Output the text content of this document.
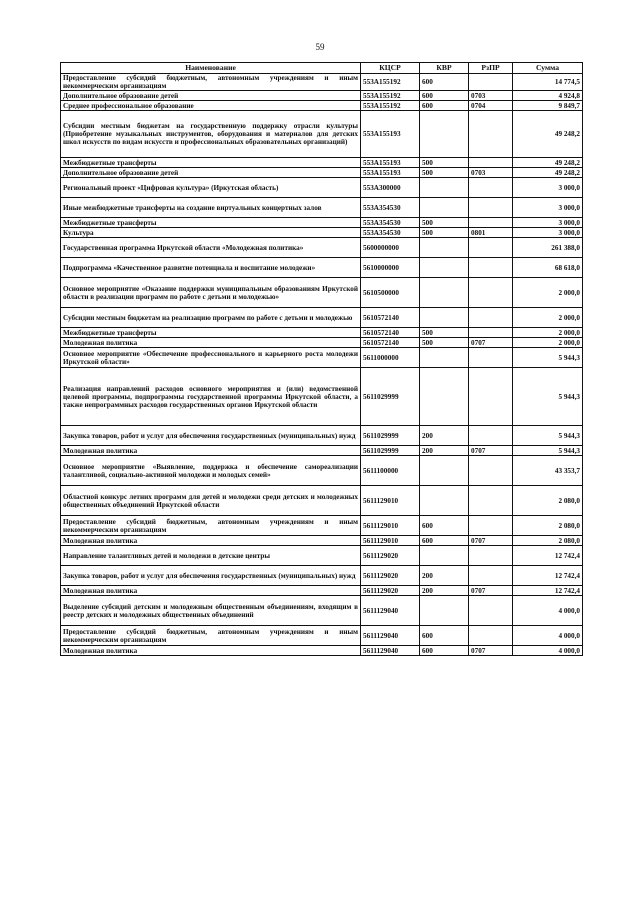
59
Наименование	КЦСР	КВР	РзПР	Сумма
Предоставление субсидий бюджетным, автономным учреждениям и иным некоммерческим организациям	553A155192	600		14 774,5
Дополнительное образование детей	553A155192	600	0703	4 924,8
Среднее профессиональное образование	553A155192	600	0704	9 849,7
Субсидии местным бюджетам на государственную поддержку отрасли культуры (Приобретение музыкальных инструментов, оборудования и материалов для детских школ искусств по видам искусств и профессиональных образовательных организаций)	553A155193			49 248,2
Межбюджетные трансферты	553A155193	500		49 248,2
Дополнительное образование детей	553A155193	500	0703	49 248,2
Региональный проект «Цифровая культура» (Иркутская область)	553A300000			3 000,0
Иные межбюджетные трансферты на создание виртуальных концертных залов	553A354530			3 000,0
Межбюджетные трансферты	553A354530	500		3 000,0
Культура	553A354530	500	0801	3 000,0
Государственная программа Иркутской области «Молодежная политика»	5600000000			261 388,0
Подпрограмма «Качественное развитие потенциала и воспитание молодежи»	5610000000			68 618,0
Основное мероприятие «Оказание поддержки муниципальным образованиям Иркутской области в реализации программ по работе с детьми и молодежью»	5610500000			2 000,0
Субсидии местным бюджетам на реализацию программ по работе с детьми и молодежью	5610572140			2 000,0
Межбюджетные трансферты	5610572140	500		2 000,0
Молодежная политика	5610572140	500	0707	2 000,0
Основное мероприятие «Обеспечение профессионального и карьерного роста молодежи Иркутской области»	5611000000			5 944,3
Реализация направлений расходов основного мероприятия и (или) ведомственной целевой программы, подпрограммы государственной программы Иркутской области, а также непрограммных расходов государственных органов Иркутской области	5611029999			5 944,3
Закупка товаров, работ и услуг для обеспечения государственных (муниципальных) нужд	5611029999	200		5 944,3
Молодежная политика	5611029999	200	0707	5 944,3
Основное мероприятие «Выявление, поддержка и обеспечение самореализации талантливой, социально-активной молодежи и молодых семей»	5611100000			43 353,7
Областной конкурс летних программ для детей и молодежи среди детских и молодежных общественных объединений Иркутской области	5611129010			2 080,0
Предоставление субсидий бюджетным, автономным учреждениям и иным некоммерческим организациям	5611129010	600		2 080,0
Молодежная политика	5611129010	600	0707	2 080,0
Направление талантливых детей и молодежи в детские центры	5611129020			12 742,4
Закупка товаров, работ и услуг для обеспечения государственных (муниципальных) нужд	5611129020	200		12 742,4
Молодежная политика	5611129020	200	0707	12 742,4
Выделение субсидий детским и молодежным общественным объединениям, входящим в реестр детских и молодежных общественных объединений	5611129040			4 000,0
Предоставление субсидий бюджетным, автономным учреждениям и иным некоммерческим организациям	5611129040	600		4 000,0
Молодежная политика	5611129040	600	0707	4 000,0
